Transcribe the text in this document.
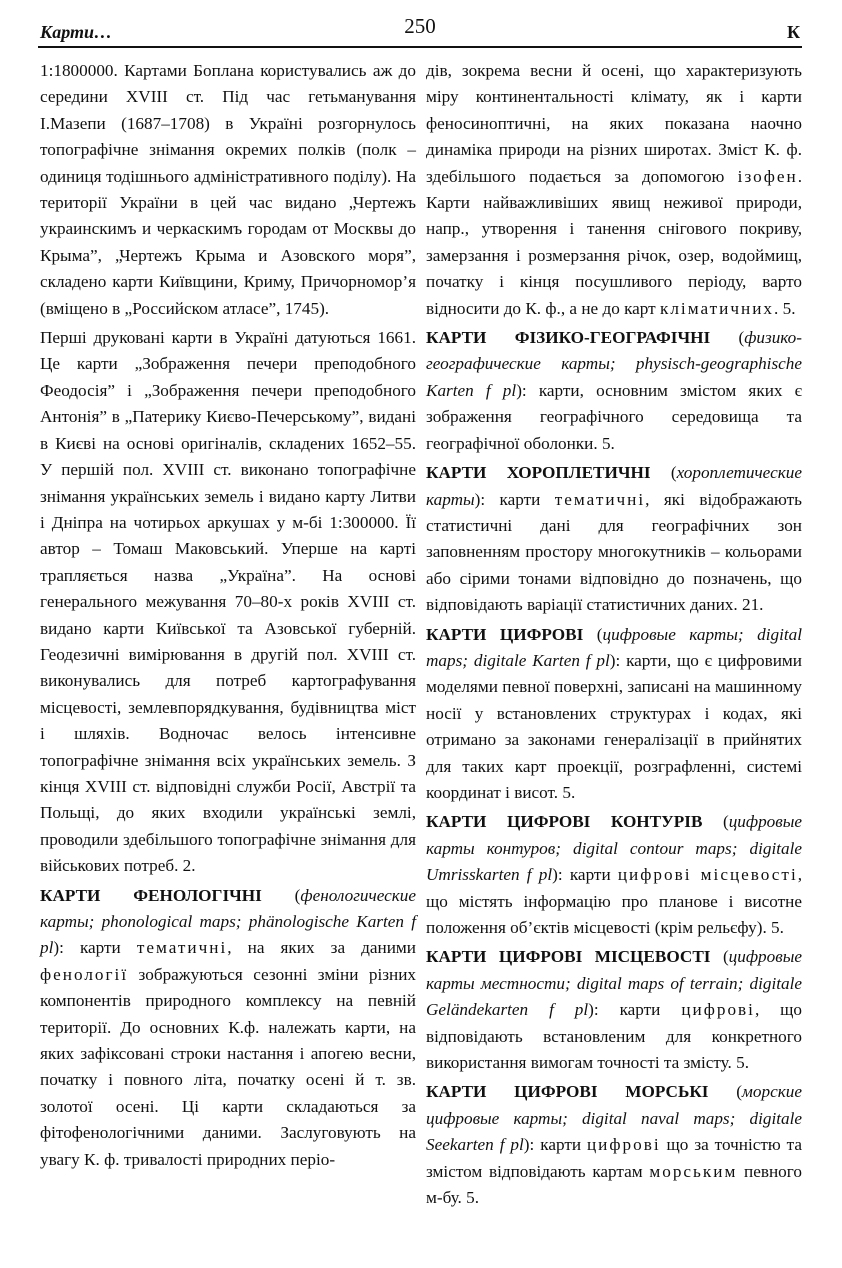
Карти…	250	К

1:1800000. Картами Боплана користувались аж до середини XVIII ст. Під час гетьманування І.Мазепи (1687–1708) в Україні розгорнулось топографічне знімання окремих полків (полк – одиниця тодішнього адміністративного поділу). На території України в цей час видано „Чертежъ украинскимъ и черкаскимъ городам от Москвы до Крыма”, „Чертежъ Крыма и Азовского моря”, складено карти Київщини, Криму, Причорномор’я (вміщено в „Российском атласе”, 1745).

Перші друковані карти в Україні датуються 1661. Це карти „Зображення печери преподобного Феодосія” і „Зображення печери преподобного Антонія” в „Патерику Києво-Печерському”, видані в Києві на основі оригіналів, складених 1652–55. У першій пол. XVIII ст. виконано топографічне знімання українських земель і видано карту Литви і Дніпра на чотирьох аркушах у м-бі 1:300000. Її автор – Томаш Маковський. Уперше на карті трапляється назва „Україна”. На основі генерального межування 70–80-х років XVIII ст. видано карти Київської та Азовської губерній. Геодезичні вимірювання в другій пол. XVIII ст. виконувались для потреб картографування місцевості, землевпорядкування, будівництва міст і шляхів. Водночас велось інтенсивне топографічне знімання всіх українських земель. З кінця XVIII ст. відповідні служби Росії, Австрії та Польщі, до яких входили українські землі, проводили здебільшого топографічне знімання для військових потреб. 2.

КАРТИ ФЕНОЛОГІЧНІ (фенологические карты; phonological maps; phänologische Karten f pl): карти тематичні, на яких за даними фенології зображуються сезонні зміни різних компонентів природного комплексу на певній території. До основних К.ф. належать карти, на яких зафіксовані строки настання і апогею весни, початку і повного літа, початку осені й т. зв. золотої осені. Ці карти складаються за фітофенологічними даними. Заслуговують на увагу К. ф. тривалості природних періо-

дів, зокрема весни й осені, що характеризують міру континентальності клімату, як і карти феносиноптичні, на яких показана наочно динаміка природи на різних широтах. Зміст К. ф. здебільшого подається за допомогою ізофен. Карти найважливіших явищ неживої природи, напр., утворення і танення снігового покриву, замерзання і розмерзання річок, озер, водоймищ, початку і кінця посушливого періоду, варто відносити до К. ф., а не до карт кліматичних. 5.

КАРТИ ФІЗИКО-ГЕОГРАФІЧНІ (физико-географические карты; physisch-geographische Karten f pl): карти, основним змістом яких є зображення географічного середовища та географічної оболонки. 5.

КАРТИ ХОРОПЛЕТИЧНІ (хороплетические карты): карти тематичні, які відображають статистичні дані для географічних зон заповненням простору многокутників – кольорами або сірими тонами відповідно до позначень, що відповідають варіації статистичних даних. 21.

КАРТИ ЦИФРОВІ (цифровые карты; digital maps; digitale Karten f pl): карти, що є цифровими моделями певної поверхні, записані на машинному носії у встановлених структурах і кодах, які отримано за законами генералізації в прийнятих для таких карт проекції, розграфленні, системі координат і висот. 5.

КАРТИ ЦИФРОВІ КОНТУРІВ (цифровые карты контуров; digital contour maps; digitale Umrisskarten f pl): карти цифрові місцевості, що містять інформацію про планове і висотне положення об’єктів місцевості (крім рельєфу). 5.

КАРТИ ЦИФРОВІ МІСЦЕВОСТІ (цифровые карты местности; digital maps of terrain; digitale Geländekarten f pl): карти цифрові, що відповідають встановленим для конкретного використання вимогам точності та змісту. 5.

КАРТИ ЦИФРОВІ МОРСЬКІ (морские цифровые карты; digital naval maps; digitale Seekarten f pl): карти цифрові що за точністю та змістом відповідають картам морським певного м-бу. 5.
